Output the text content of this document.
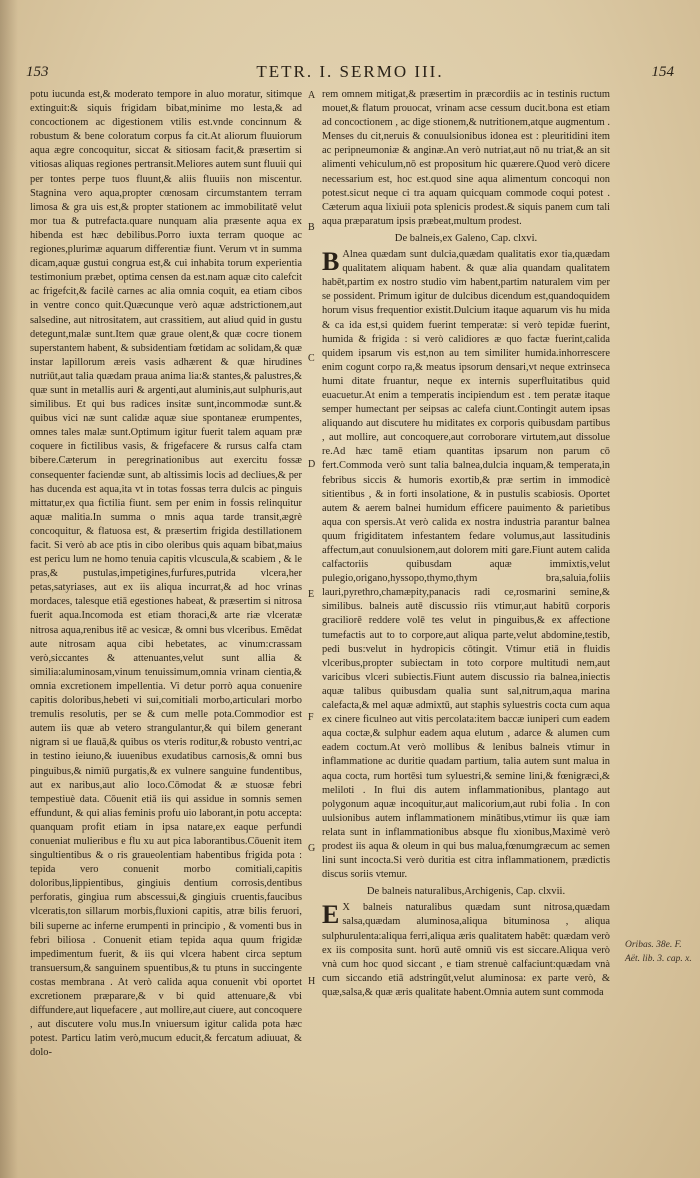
153	TETR. I. SERMO III.	154

potu iucunda est,& moderato tempore in aluo moratur, sitimque extinguit:& siquis frigidam bibat,minime mo lesta,& ad concoctionem ac digestionem vtilis est.vnde concinnum & robustum & bene coloratum corpus fa cit.At aliorum fluuiorum aqua ægre concoquitur, siccat & sitiosam facit,& præsertim si vitiosas aliquas regiones pertransit.Meliores autem sunt fluuii qui per tontes perpe tuos fluunt,& aliis fluuiis non miscentur. Stagnina vero aqua,propter cœnosam circumstantem terram limosa & gra uis est,& propter stationem ac immobilitatē velut mor tua & putrefacta.quare nunquam alia præsente aqua ex hibenda est hæc debilibus.Porro iuxta terram quoque ac regiones,plurimæ aquarum differentiæ fiunt. Verum vt in summa dicam,aquæ gustui congrua est,& cui inhabita torum experientia testimonium præbet, optima censen da est.nam aquæ cito calefcit ac frigefcit,& facilè carnes ac alia omnia coquit, ea etiam cibos in ventre conco quit.Quæcunque verò aquæ adstrictionem,aut salsedine, aut nitrositatem, aut crassitiem, aut aliud quid in gustu detegunt,malæ sunt.Item quæ graue olent,& quæ cocre tionem superstantem habent, & subsidentiam fœtidam ac solidam,& quæ instar lapillorum æreis vasis adhærent & quæ hirudines nutriūt,aut talia quædam praua anima lia:& stantes,& palustres,& quæ sunt in metallis auri & argenti,aut aluminis,aut sulphuris,aut similibus. Et qui bus radices insitæ sunt,incommodæ sunt.& quibus vici næ sunt calidæ aquæ siue spontaneæ erumpentes, omnes tales malæ sunt.Optimum igitur fuerit talem aquam præ coquere in fictilibus vasis, & frigefacere & rursus calfa ctam bibere.Cæterum in peregrinationibus aut exercitu fossæ consequenter faciendæ sunt, ab altissimis locis ad decliues,& per has ducenda est aqua,ita vt in totas fossas terra dulcis ac pinguis mittatur,ex qua fictilia fiunt. sem per enim in fossis relinquitur aquæ malitia.In summa o mnis aqua tarde transit,ægrè concoquitur, & flatuosa est, & præsertim frigida destillationem facit. Si verò ab ace ptis in cibo oleribus quis aquam bibat,maius est pericu lum ne homo tenuia capitis vlcuscula,& scabiem , & le pras,& pustulas,impetigines,furfures,putrida vlcera,her petas,satyriases, aut ex iis aliqua incurrat,& ad hoc vrinas mordaces, talesque etiā egestiones habeat, & præsertim si nitrosa fuerit aqua.Incomoda est etiam thoraci,& arte riæ vlceratæ nitrosa aqua,renibus itē ac vesicæ, & omni bus vlceribus. Emēdat aute nitrosam aqua cibi hebetates, ac vinum:crassam verò,siccantes & attenuantes,velut sunt allia & similia:aluminosam,vinum tenuissimum,omnia vrinam cientia,& omnia excretionem impellentia. Vi detur porrò aqua conuenire capitis doloribus,hebeti vi sui,comitiali morbo,articulari morbo tremulis resolutis, per se & cum melle pota.Commodior est autem iis quæ ab vetero strangulantur,& qui bilem generant nigram si ue flauā,& quibus os vteris roditur,& robusto ventri,ac in testino ieiuno,& iuuenibus exudatibus carnosis,& omni bus pinguibus,& nimiū purgatis,& ex vulnere sanguine fundentibus, aut ex naribus,aut alio loco.Cōmodat & æ stuosæ febri tempestiuè data. Cōuenit etiā iis qui assidue in somnis semen effundunt, & qui alias feminis profu uio laborant,in potu accepta: quanquam profit etiam in ipsa natare,ex eaque perfundi conueniat mulieribus e flu xu aut pica laborantibus.Cōuenit item singultientibus & o ris graueolentiam habentibus frigida pota : tepida vero conuenit morbo comitiali,capitis doloribus,lippientibus, gingiuis dentium corrosis,dentibus perforatis, gingiua rum abscessui,& gingiuis cruentis,faucibus vlceratis,ton sillarum morbis,fluxioni capitis, atræ bilis feruori, bili superne ac inferne erumpenti in principio , & vomenti bus in febri biliosa . Conuenit etiam tepida aqua quum frigidæ impedimentum fuerit, & iis qui vlcera habent circa septum transuersum,& sanguinem spuentibus,& tu ptuns in succingente costas membrana . At verò calida aqua conuenit vbi oportet excretionem præparare,& v bi quid attenuare,& vbi diffundere,aut liquefacere , aut mollire,aut ciuere, aut concoquere , aut discutere volu mus.In vniuersum igitur calida pota hæc potest. Particu latim verò,mucum educit,& fercatum adiuuat, & dolo-

A
B
C
D
E
F
G
H

rem omnem mitigat,& præsertim in præcordiis ac in testinis ructum mouet,& flatum prouocat, vrinam acse cessum ducit.bona est etiam ad concoctionem , ac dige stionem,& nutritionem,atque augmentum . Menses du cit,neruis & conuulsionibus idonea est : pleuritidini item ac peripneumoniæ & anginæ.An verò nutriat,aut nō nu triat,& an sit alimenti vehiculum,nō est propositum hic quærere.Quod verò dicere necessarium est, hoc est.quod sine aqua alimentum concoqui non potest.sicut neque ci tra aquam quicquam commode coqui potest . Cæterum aqua lixiuii pota splenicis prodest.& siquis panem cum tali aqua præparatum ipsis præbeat,multum prodest.

De balneis,ex Galeno, Cap. clxvi.

B Alnea quædam sunt dulcia,quædam qualitatis exor tia,quædam qualitatem aliquam habent. & quæ alia quandam qualitatem habēt,partim ex nostro studio vim habent,partim naturalem vim per se possident. Primum igitur de dulcibus dicendum est,quandoquidem horum visus frequentior existit.Dulcium itaque aquarum vis hu mida & ca ida est,si quidem fuerint temperatæ: si verò tepidæ fuerint, humida & frigida : si verò calidiores æ quo factæ fuerint,calida quidem ipsarum vis est,non au tem similiter humida.inhorrescere enim cogunt corpo ra,& meatus ipsorum densari,vt neque extrinseca humi ditate fruantur, neque ex internis superfluitatibus quid euacuetur.At enim a temperatis incipiendum est . tem peratæ itaque semper humectant per seipsas ac calefa ciunt.Contingit autem ipsas aliquando aut discutere hu miditates ex corporis quibusdam partibus , aut mollire, aut concoquere,aut corroborare virtutem,aut dissolue re.Ad hæc tamē etiam quantitas ipsarum non parum cō fert.Commoda verò sunt talia balnea,dulcia inquam,& temperata,in febribus siccis & humoris exortib,& præ sertim in immodicè sitientibus , & in forti insolatione, & in pustulis scabiosis. Oportet autem & aerem balnei humidum efficere pauimento & parietibus aqua con spersis.At verò calida ex nostra industria parantur balnea quum frigiditatem infestantem fedare volumus,aut lassitudinis affectum,aut conuulsionem,aut dolorem miti gare.Fiunt autem calida calfactoriis quibusdam aquæ immixtis,velut pulegio,origano,hyssopo,thymo,thym bra,saluia,foliis lauri,pyrethro,chamæpity,panacis radi ce,rosmarini semine,& similibus. balneis autē discussio riis vtimur,aut habitū corporis graciliorē reddere volē tes velut in pinguibus,& ex affectione tumefactis aut to to corpore,aut aliqua parte,velut abdomine,testib, pedi bus:velut in hydropicis cōtingit. Vtimur etiā in fluidis vlceribus,propter subiectam in toto corpore multitudi nem,aut varicibus vlceri subiectis.Fiunt autem discussio ria balnea,iniectis aquæ talibus quibusdam qualia sunt sal,nitrum,aqua marina calefacta,& mel aquæ admixtū, aut staphis syluestris cocta cum aqua ex cinere ficulneo aut vitis percolata:item baccæ iuniperi cum eadem aqua coctæ,& sulphur eadem aqua elutum , adarce & alumen cum eadem coctum.At verò mollibus & lenibus balneis vtimur in inflammatione ac duritie quadam partium, talia autem sunt malua in aqua cocta, rum hortēsi tum syluestri,& semine lini,& fœnigræci,& meliloti . In flui dis autem inflammationibus, plantago aut polygonum aquæ incoquitur,aut malicorium,aut rubi folia . In con uulsionibus autem inflammationem minātibus,vtimur iis quæ iam relata sunt in inflammationibus absque flu xionibus,Maximè verò prodest iis aqua & oleum in qui bus malua,fœnumgræcum ac semen lini sunt incocta.Si verò duritia est citra inflammationem, prædictis discus soriis vtemur.

De balneis naturalibus,Archigenis, Cap. clxvii.

E X balneis naturalibus quædam sunt nitrosa,quædam salsa,quædam aluminosa,aliqua bituminosa , aliqua sulphurulenta:aliqua ferri,aliqua æris qualitatem habēt: quædam verò ex iis composita sunt. horū autē omniū vis est siccare.Aliqua verò vnà cum hoc quod siccant , e tiam strenuè calfaciunt:quædam vnà cum siccando etiā adstringūt,velut aluminosa: ex parte verò, & quæ,salsa,& quæ æris qualitate habent.Omnia autem sunt commoda

Oribas. 38e. F.
Aët. lib. 3. cap. x.
